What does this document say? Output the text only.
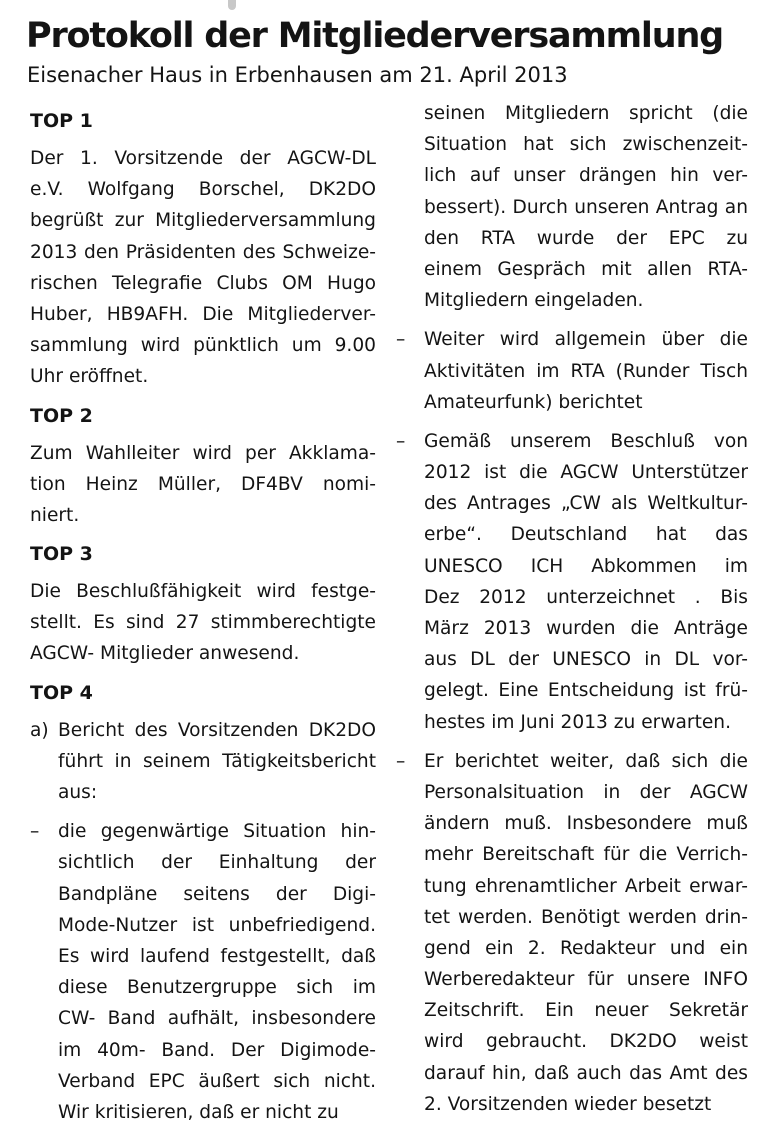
Protokoll der Mitgliederversammlung

Eisenacher Haus in Erbenhausen am 21. April 2013

TOP 1
Der 1. Vorsitzende der AGCW-DL
e.V. Wolfgang Borschel, DK2DO
begrüßt zur Mitgliederversammlung
2013 den Präsidenten des Schweize-
rischen Telegrafie Clubs OM Hugo
Huber, HB9AFH. Die Mitgliederver-
sammlung wird pünktlich um 9.00
Uhr eröffnet.
TOP 2
Zum Wahlleiter wird per Akklama-
tion Heinz Müller, DF4BV nomi-
niert.
TOP 3
Die Beschlußfähigkeit wird festge-
stellt. Es sind 27 stimmberechtigte
AGCW- Mitglieder anwesend.
TOP 4
a) Bericht des Vorsitzenden DK2DO
führt in seinem Tätigkeitsbericht
aus:
–	die gegenwärtige Situation hin-
sichtlich der Einhaltung der
Bandpläne seitens der Digi-
Mode-Nutzer ist unbefriedigend.
Es wird laufend festgestellt, daß
diese Benutzergruppe sich im
CW- Band aufhält, insbesondere
im 40m- Band. Der Digimode-
Verband EPC äußert sich nicht.
Wir kritisieren, daß er nicht zu
seinen Mitgliedern spricht (die
Situation hat sich zwischenzeit-
lich auf unser drängen hin ver-
bessert). Durch unseren Antrag an
den RTA wurde der EPC zu
einem Gespräch mit allen RTA-
Mitgliedern eingeladen.
–	Weiter wird allgemein über die
Aktivitäten im RTA (Runder Tisch
Amateurfunk) berichtet
–	Gemäß unserem Beschluß von
2012 ist die AGCW Unterstützer
des Antrages „CW als Weltkultur-
erbe“. Deutschland hat das
UNESCO ICH Abkommen im
Dez 2012 unterzeichnet . Bis
März 2013 wurden die Anträge
aus DL der UNESCO in DL vor-
gelegt. Eine Entscheidung ist frü-
hestes im Juni 2013 zu erwarten.
–	Er berichtet weiter, daß sich die
Personalsituation in der AGCW
ändern muß. Insbesondere muß
mehr Bereitschaft für die Verrich-
tung ehrenamtlicher Arbeit erwar-
tet werden. Benötigt werden drin-
gend ein 2. Redakteur und ein
Werberedakteur für unsere INFO
Zeitschrift. Ein neuer Sekretär
wird gebraucht. DK2DO weist
darauf hin, daß auch das Amt des
2. Vorsitzenden wieder besetzt
